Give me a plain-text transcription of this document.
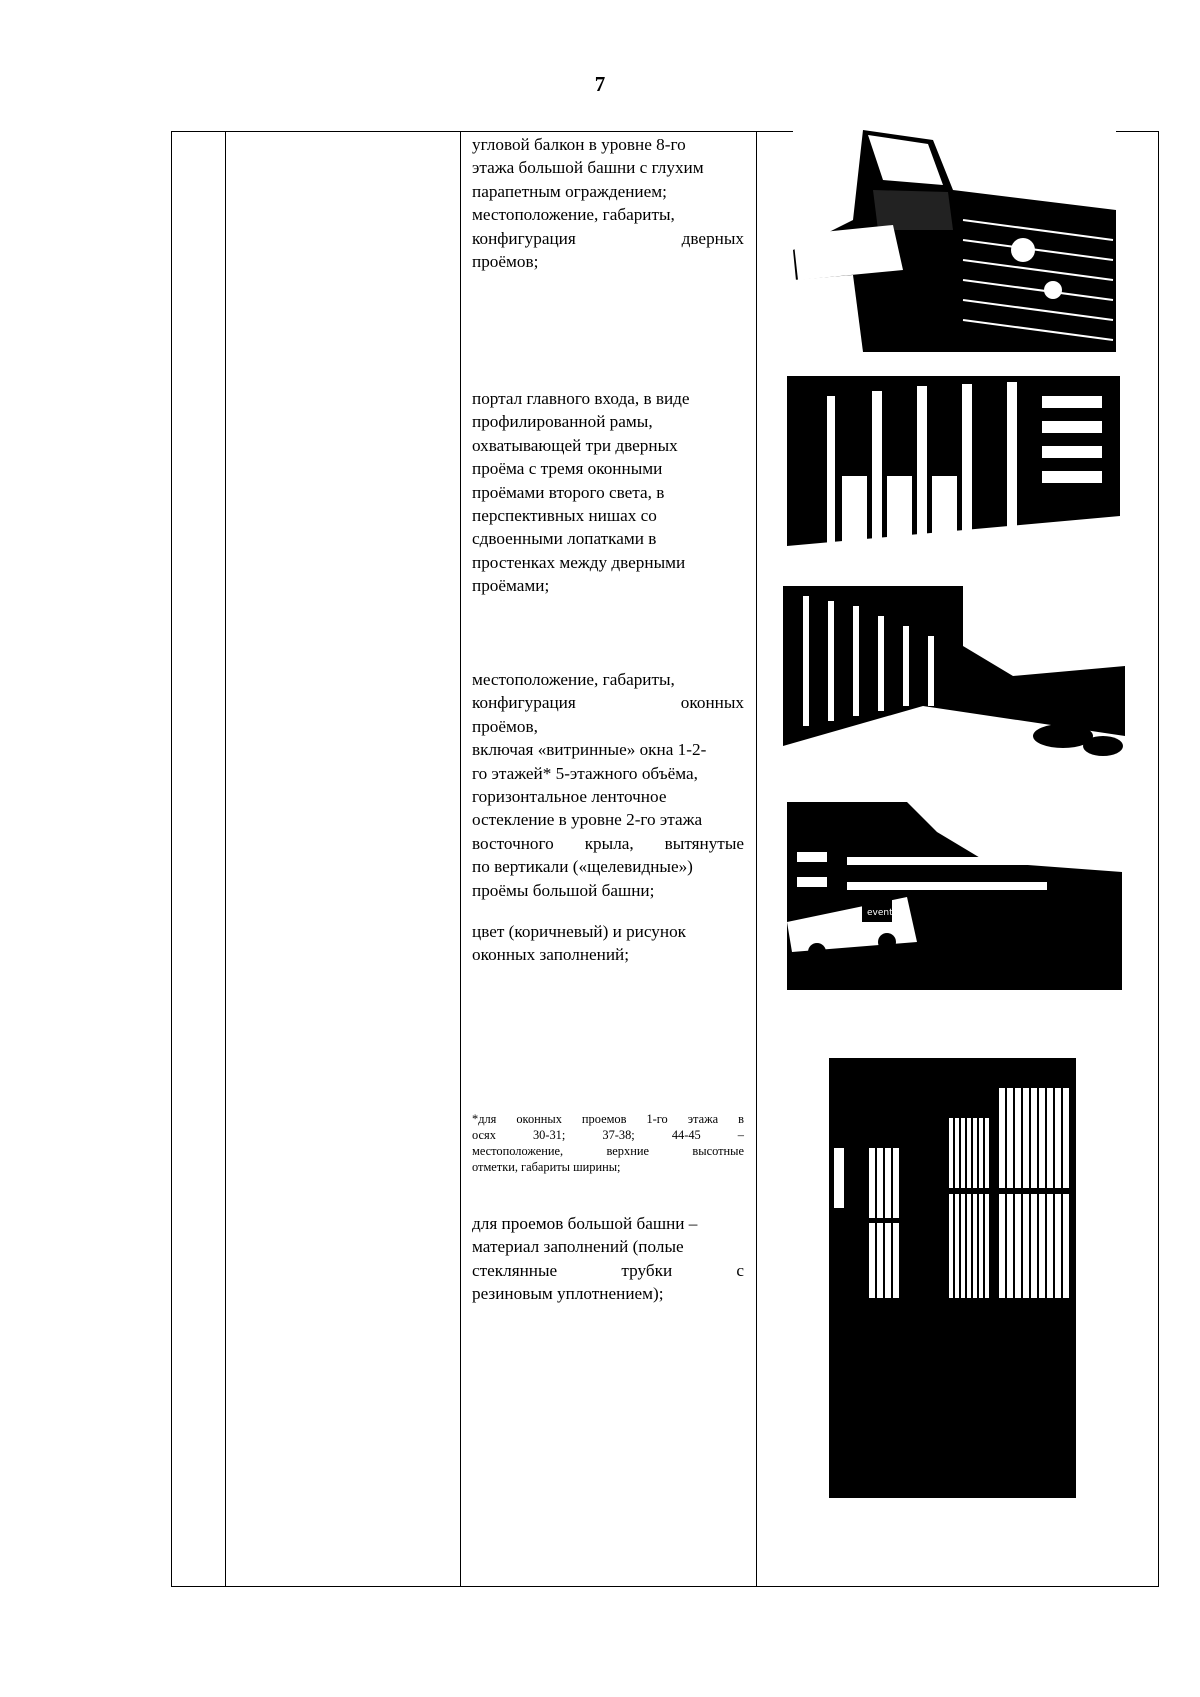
7
угловой балкон в уровне 8-го
этажа большой башни с глухим
парапетным ограждением;
местоположение, габариты,
конфигурация дверных
проёмов;
портал главного входа, в виде
профилированной рамы,
охватывающей три дверных
проёма с тремя оконными
проёмами второго света, в
перспективных нишах со
сдвоенными лопатками в
простенках между дверными
проёмами;
местоположение, габариты,
конфигурация оконных
проёмов,
включая «витринные» окна 1-2-
го этажей* 5-этажного объёма,
горизонтальное ленточное
остекление в уровне 2-го этажа
восточного крыла, вытянутые
по вертикали («щелевидные»)
проёмы большой башни;
цвет (коричневый) и рисунок
оконных заполнений;
*для оконных проемов 1-го этажа в
осях 30-31; 37-38; 44-45 –
местоположение, верхние высотные
отметки, габариты ширины;
для проемов большой башни –
материал заполнений (полые
стеклянные трубки с
резиновым уплотнением);
event
